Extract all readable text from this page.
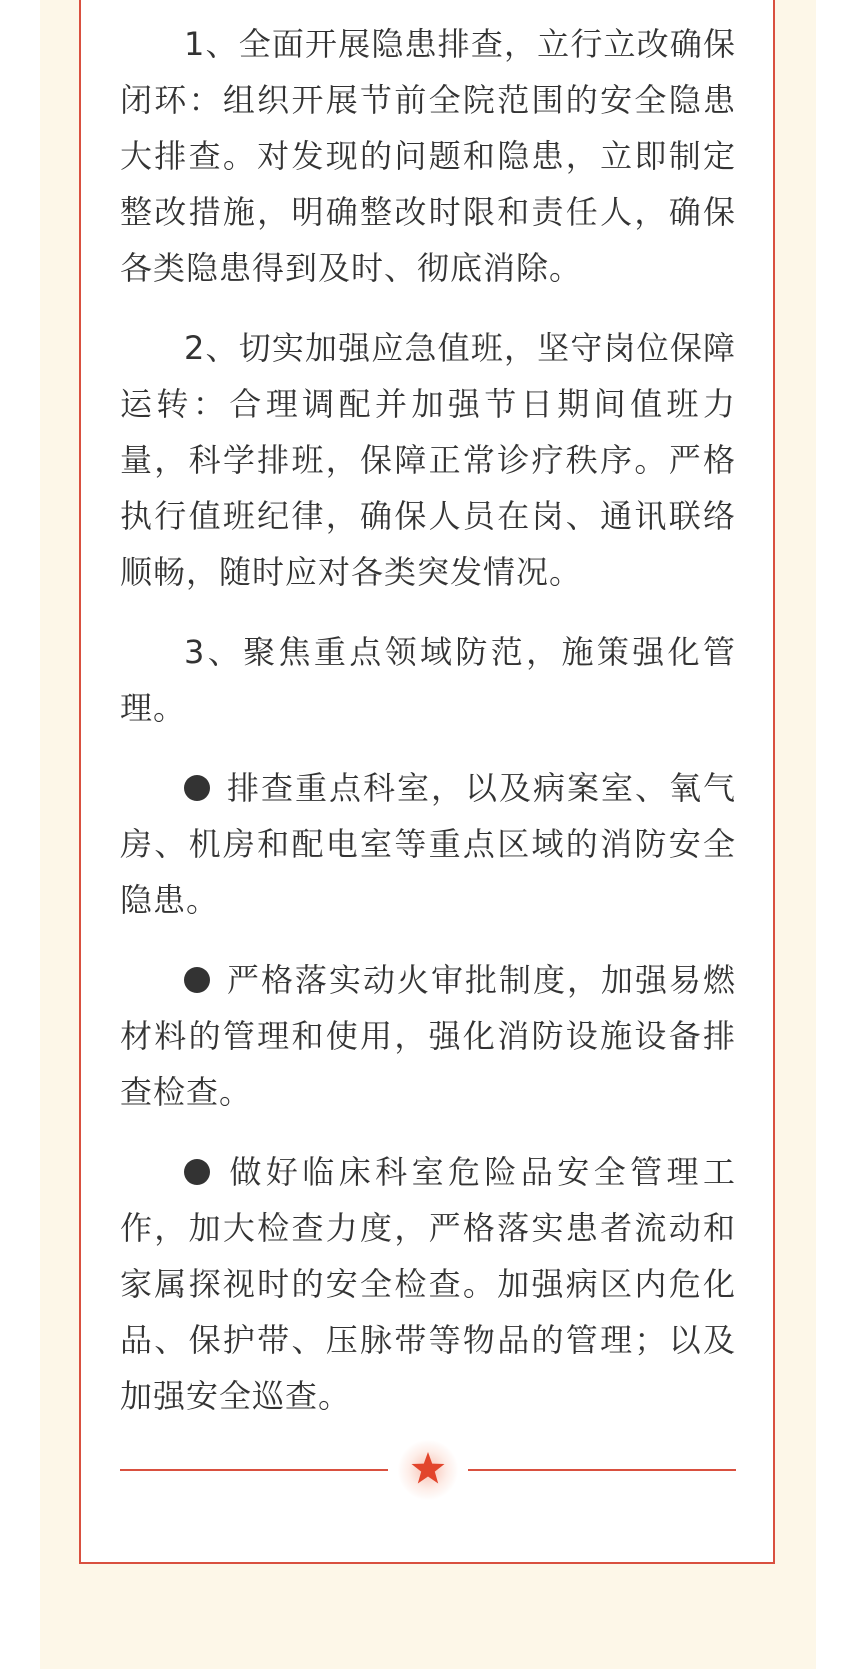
1、全面开展隐患排查，立行立改确保闭环：组织开展节前全院范围的安全隐患大排查。对发现的问题和隐患，立即制定整改措施，明确整改时限和责任人，确保各类隐患得到及时、彻底消除。

2、切实加强应急值班，坚守岗位保障运转：合理调配并加强节日期间值班力量，科学排班，保障正常诊疗秩序。严格执行值班纪律，确保人员在岗、通讯联络顺畅，随时应对各类突发情况。

3、聚焦重点领域防范，施策强化管理。

排查重点科室，以及病案室、氧气房、机房和配电室等重点区域的消防安全隐患。

严格落实动火审批制度，加强易燃材料的管理和使用，强化消防设施设备排查检查。

做好临床科室危险品安全管理工作，加大检查力度，严格落实患者流动和家属探视时的安全检查。加强病区内危化品、保护带、压脉带等物品的管理；以及加强安全巡查。
